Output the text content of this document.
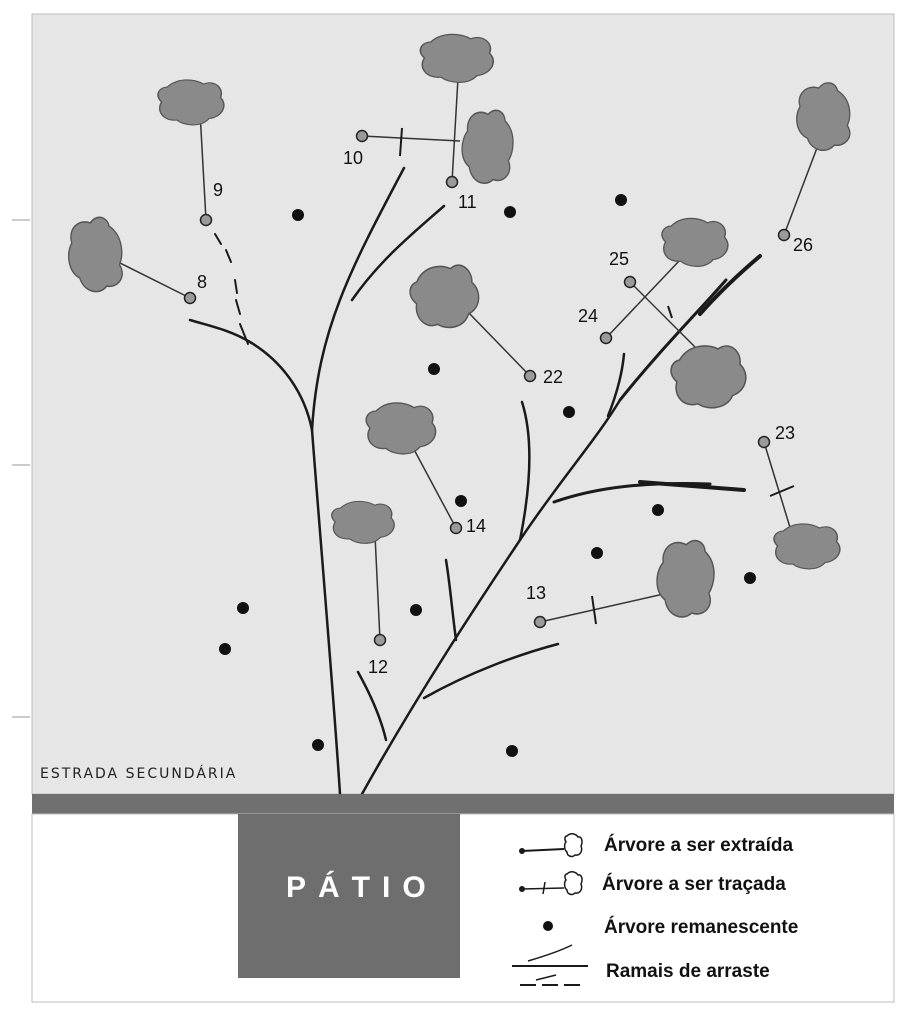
9
8
10
11
12
13
14
22
23
24
25
26
ESTRADA SECUNDÁRIA
PÁTIO
Árvore a ser extraída
Árvore a ser traçada
Árvore remanescente
Ramais de arraste
